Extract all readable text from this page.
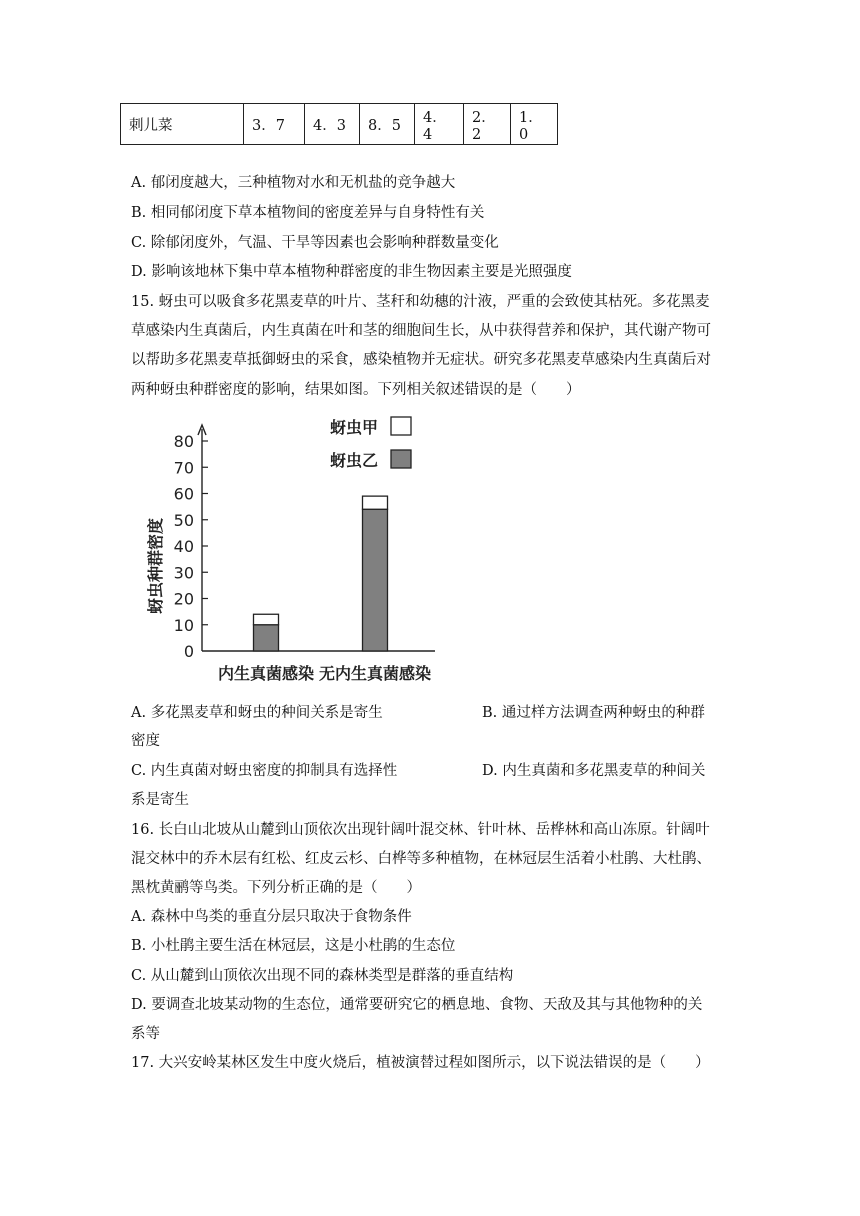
刺儿菜	3．7	4．3	8．5	4．4	2．2	1．0
A. 郁闭度越大，三种植物对水和无机盐的竞争越大
B. 相同郁闭度下草本植物间的密度差异与自身特性有关
C. 除郁闭度外，气温、干旱等因素也会影响种群数量变化
D. 影响该地林下集中草本植物种群密度的非生物因素主要是光照强度
15. 蚜虫可以吸食多花黑麦草的叶片、茎秆和幼穗的汁液，严重的会致使其枯死。多花黑麦
草感染内生真菌后，内生真菌在叶和茎的细胞间生长，从中获得营养和保护，其代谢产物可
以帮助多花黑麦草抵御蚜虫的采食，感染植物并无症状。研究多花黑麦草感染内生真菌后对
两种蚜虫种群密度的影响，结果如图。下列相关叙述错误的是（　　）
0
10
20
30
40
50
60
70
80
蚜虫种群密度
内生真菌感染 无内生真菌感染
蚜虫甲
蚜虫乙
A. 多花黑麦草和蚜虫的种间关系是寄生	B. 通过样方法调查两种蚜虫的种群
密度
C. 内生真菌对蚜虫密度的抑制具有选择性	D. 内生真菌和多花黑麦草的种间关
系是寄生
16. 长白山北坡从山麓到山顶依次出现针阔叶混交林、针叶林、岳桦林和高山冻原。针阔叶
混交林中的乔木层有红松、红皮云杉、白桦等多种植物，在林冠层生活着小杜鹃、大杜鹃、
黑枕黄鹂等鸟类。下列分析正确的是（　　）
A. 森林中鸟类的垂直分层只取决于食物条件
B. 小杜鹃主要生活在林冠层，这是小杜鹃的生态位
C. 从山麓到山顶依次出现不同的森林类型是群落的垂直结构
D. 要调查北坡某动物的生态位，通常要研究它的栖息地、食物、天敌及其与其他物种的关
系等
17. 大兴安岭某林区发生中度火烧后，植被演替过程如图所示，以下说法错误的是（　　）
